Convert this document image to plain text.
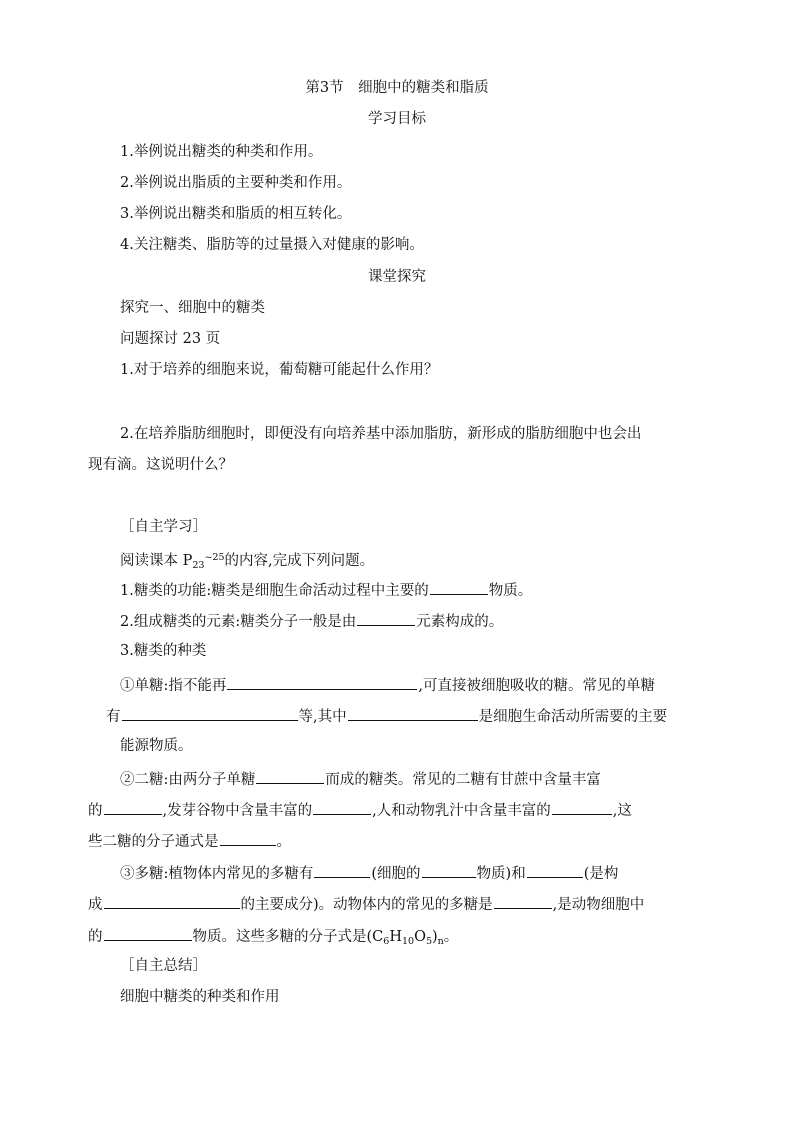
第3节　细胞中的糖类和脂质
学习目标
1.举例说出糖类的种类和作用。
2.举例说出脂质的主要种类和作用。
3.举例说出糖类和脂质的相互转化。
4.关注糖类、脂肪等的过量摄入对健康的影响。
课堂探究
探究一、细胞中的糖类
问题探讨 23 页
1.对于培养的细胞来说，葡萄糖可能起什么作用？
2.在培养脂肪细胞时，即便没有向培养基中添加脂肪，新形成的脂肪细胞中也会出
现有滴。这说明什么？
［自主学习］
阅读课本 $P_{23}^{\sim 25}$的内容,完成下列问题。
1.糖类的功能:糖类是细胞生命活动过程中主要的	物质。
2.组成糖类的元素:糖类分子一般是由	元素构成的。
3.糖类的种类
①单糖:指不能再	,可直接被细胞吸收的糖。常见的单糖
有	等,其中	是细胞生命活动所需要的主要
能源物质。
②二糖:由两分子单糖	而成的糖类。常见的二糖有甘蔗中含量丰富
的	,发芽谷物中含量丰富的	,人和动物乳汁中含量丰富的	,这
些二糖的分子通式是	。
③多糖:植物体内常见的多糖有	(细胞的	物质)和	(是构
成	的主要成分)。动物体内的常见的多糖是	,是动物细胞中
的	物质。这些多糖的分子式是$(C_6H_{10}O_5)_n$。
［自主总结］
细胞中糖类的种类和作用
